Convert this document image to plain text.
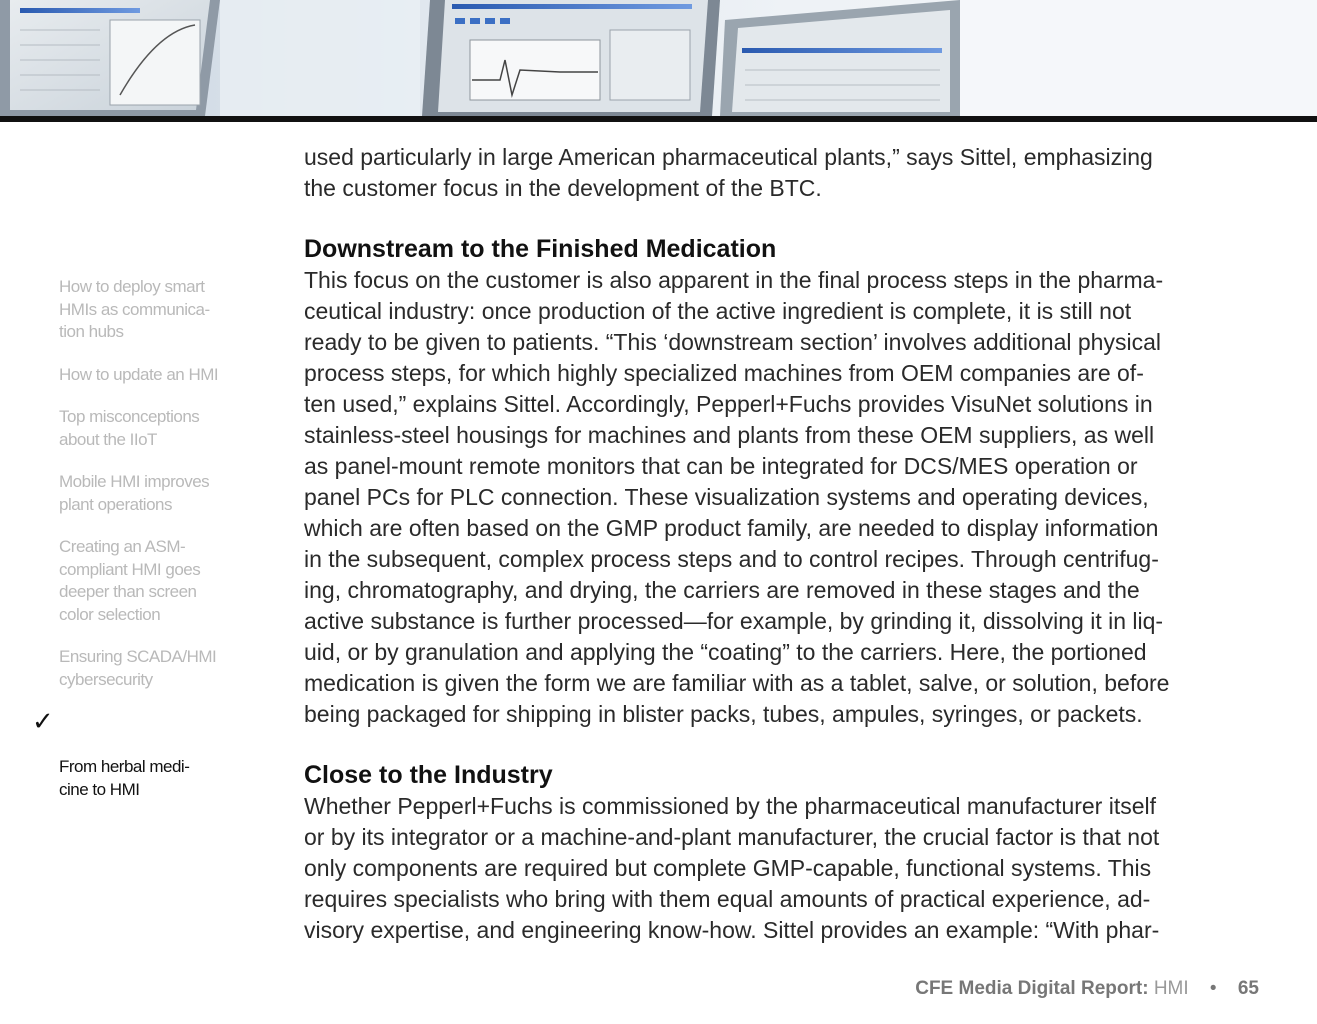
How to deploy smart
HMIs as communica-
tion hubs
How to update an HMI
Top misconceptions
about the IIoT
Mobile HMI improves
plant operations
Creating an ASM-
compliant HMI goes
deeper than screen
color selection
Ensuring SCADA/HMI
cybersecurity

✓

From herbal medi-
cine to HMI

used particularly in large American pharmaceutical plants,” says Sittel, emphasizing
the customer focus in the development of the BTC.

Downstream to the Finished Medication

This focus on the customer is also apparent in the final process steps in the pharma-
ceutical industry: once production of the active ingredient is complete, it is still not
ready to be given to patients. “This ‘downstream section’ involves additional physical
process steps, for which highly specialized machines from OEM companies are of-
ten used,” explains Sittel. Accordingly, Pepperl+Fuchs provides VisuNet solutions in
stainless-steel housings for machines and plants from these OEM suppliers, as well
as panel-mount remote monitors that can be integrated for DCS/MES operation or
panel PCs for PLC connection. These visualization systems and operating devices,
which are often based on the GMP product family, are needed to display information
in the subsequent, complex process steps and to control recipes. Through centrifug-
ing, chromatography, and drying, the carriers are removed in these stages and the
active substance is further processed—for example, by grinding it, dissolving it in liq-
uid, or by granulation and applying the “coating” to the carriers. Here, the portioned
medication is given the form we are familiar with as a tablet, salve, or solution, before
being packaged for shipping in blister packs, tubes, ampules, syringes, or packets.

Close to the Industry

Whether Pepperl+Fuchs is commissioned by the pharmaceutical manufacturer itself
or by its integrator or a machine-and-plant manufacturer, the crucial factor is that not
only components are required but complete GMP-capable, functional systems. This
requires specialists who bring with them equal amounts of practical experience, ad-
visory expertise, and engineering know-how. Sittel provides an example: “With phar-

CFE Media Digital Report: HMI • 65
